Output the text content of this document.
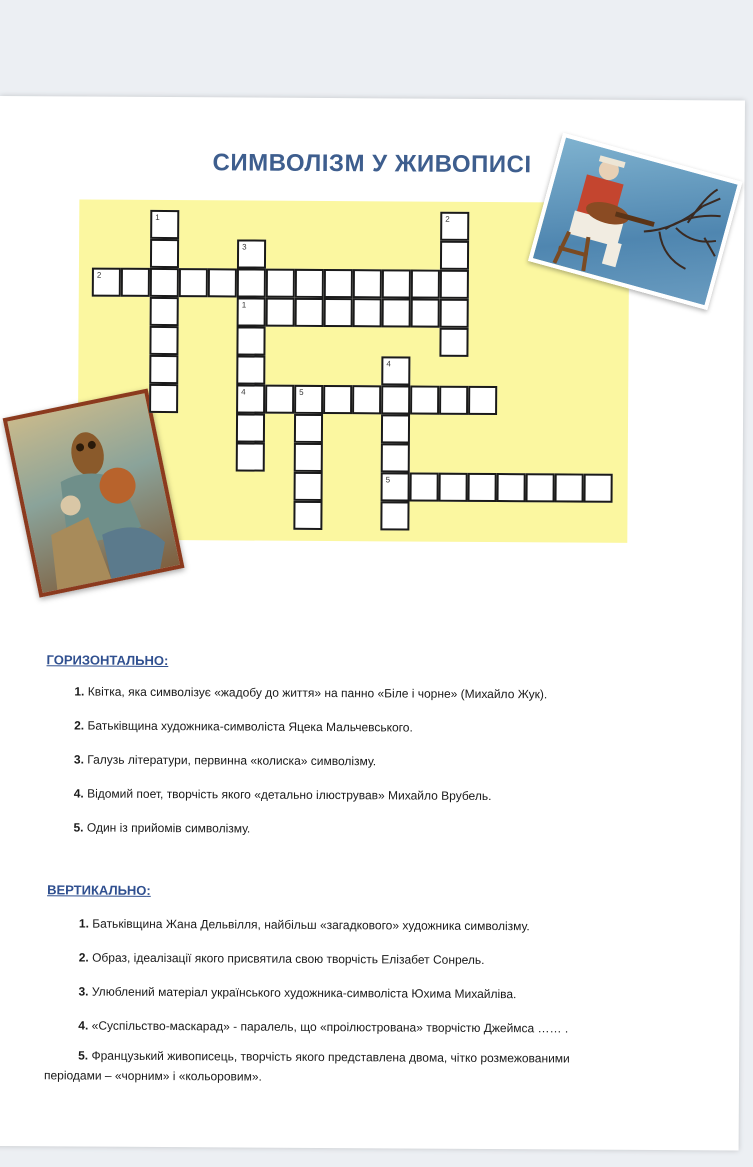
СИМВОЛІЗМ У ЖИВОПИСІ
1	2
3
1
4
2
4
5
5
ГОРИЗОНТАЛЬНО:
1. Квітка, яка символізує «жадобу до життя» на панно «Біле і чорне» (Михайло Жук).
2. Батьківщина художника-символіста Яцека Мальчевського.
3. Галузь літератури, первинна «колиска» символізму.
4. Відомий поет, творчість якого «детально ілюстрував» Михайло Врубель.
5. Один із прийомів символізму.
ВЕРТИКАЛЬНО:
1. Батьківщина Жана Дельвілля, найбільш «загадкового» художника символізму.
2. Образ, ідеалізації якого присвятила свою творчість Елізабет Сонрель.
3. Улюблений матеріал українського художника-символіста Юхима Михайліва.
4. «Суспільство-маскарад» - паралель, що «проілюстрована» творчістю Джеймса …… .
5. Французький живописець, творчість якого представлена двома, чітко розмежованими
періодами – «чорним» і «кольоровим».
